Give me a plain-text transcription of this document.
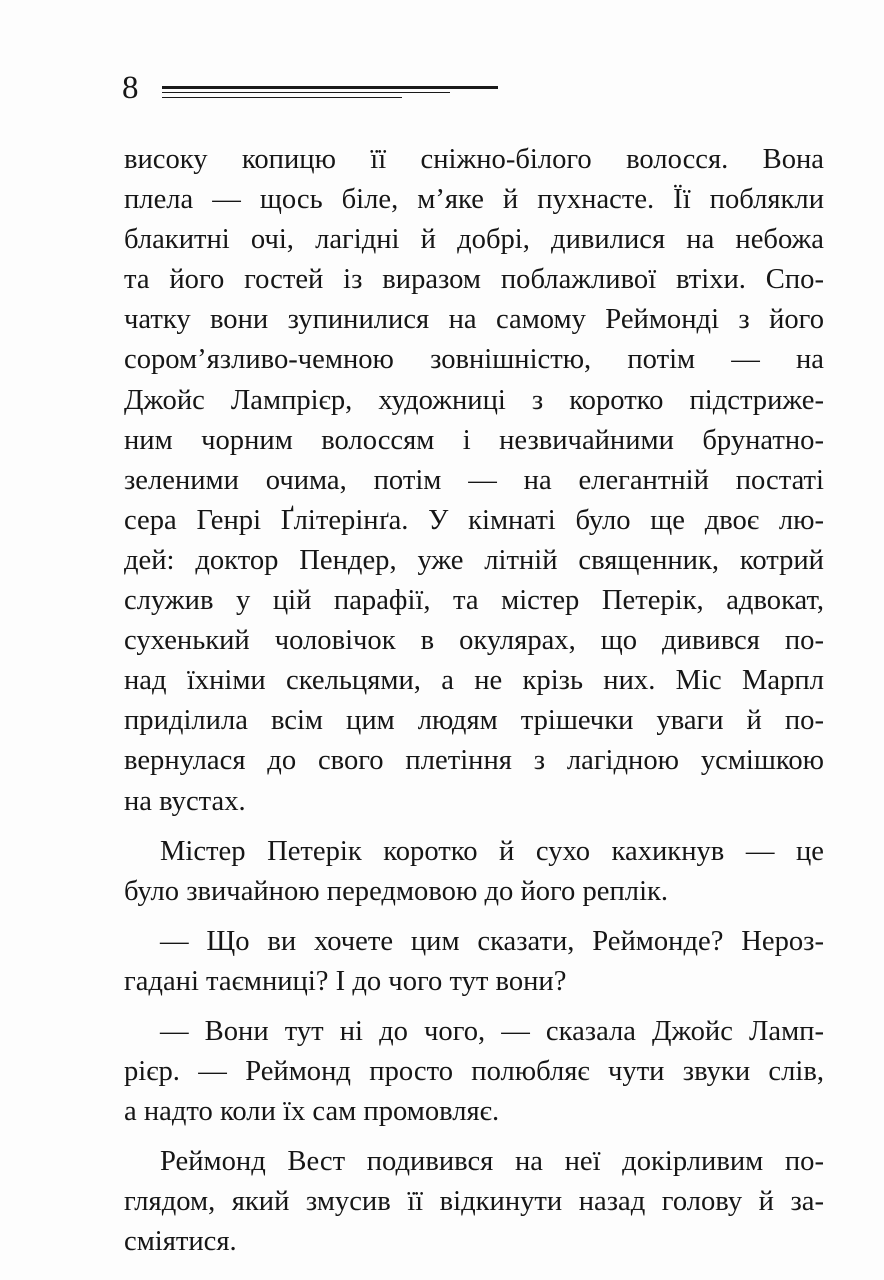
8
високу копицю її сніжно-білого волосся. Вона
плела — щось біле, м’яке й пухнасте. Її поблякли
блакитні очі, лагідні й добрі, дивилися на небожа
та його гостей із виразом поблажливої втіхи. Спо-
чатку вони зупинилися на самому Реймонді з його
сором’язливо-чемною зовнішністю, потім — на
Джойс Лампрієр, художниці з коротко підстриже-
ним чорним волоссям і незвичайними брунатно-
зеленими очима, потім — на елегантній постаті
сера Генрі Ґлітерінґа. У кімнаті було ще двоє лю-
дей: доктор Пендер, уже літній священник, котрий
служив у цій парафії, та містер Петерік, адвокат,
сухенький чоловічок в окулярах, що дивився по-
над їхніми скельцями, а не крізь них. Міс Марпл
приділила всім цим людям трішечки уваги й по-
вернулася до свого плетіння з лагідною усмішкою
на вустах.
Містер Петерік коротко й сухо кахикнув — це
було звичайною передмовою до його реплік.
— Що ви хочете цим сказати, Реймонде? Нероз-
гадані таємниці? І до чого тут вони?
— Вони тут ні до чого, — сказала Джойс Ламп-
рієр. — Реймонд просто полюбляє чути звуки слів,
а надто коли їх сам промовляє.
Реймонд Вест подивився на неї докірливим по-
глядом, який змусив її відкинути назад голову й за-
сміятися.
